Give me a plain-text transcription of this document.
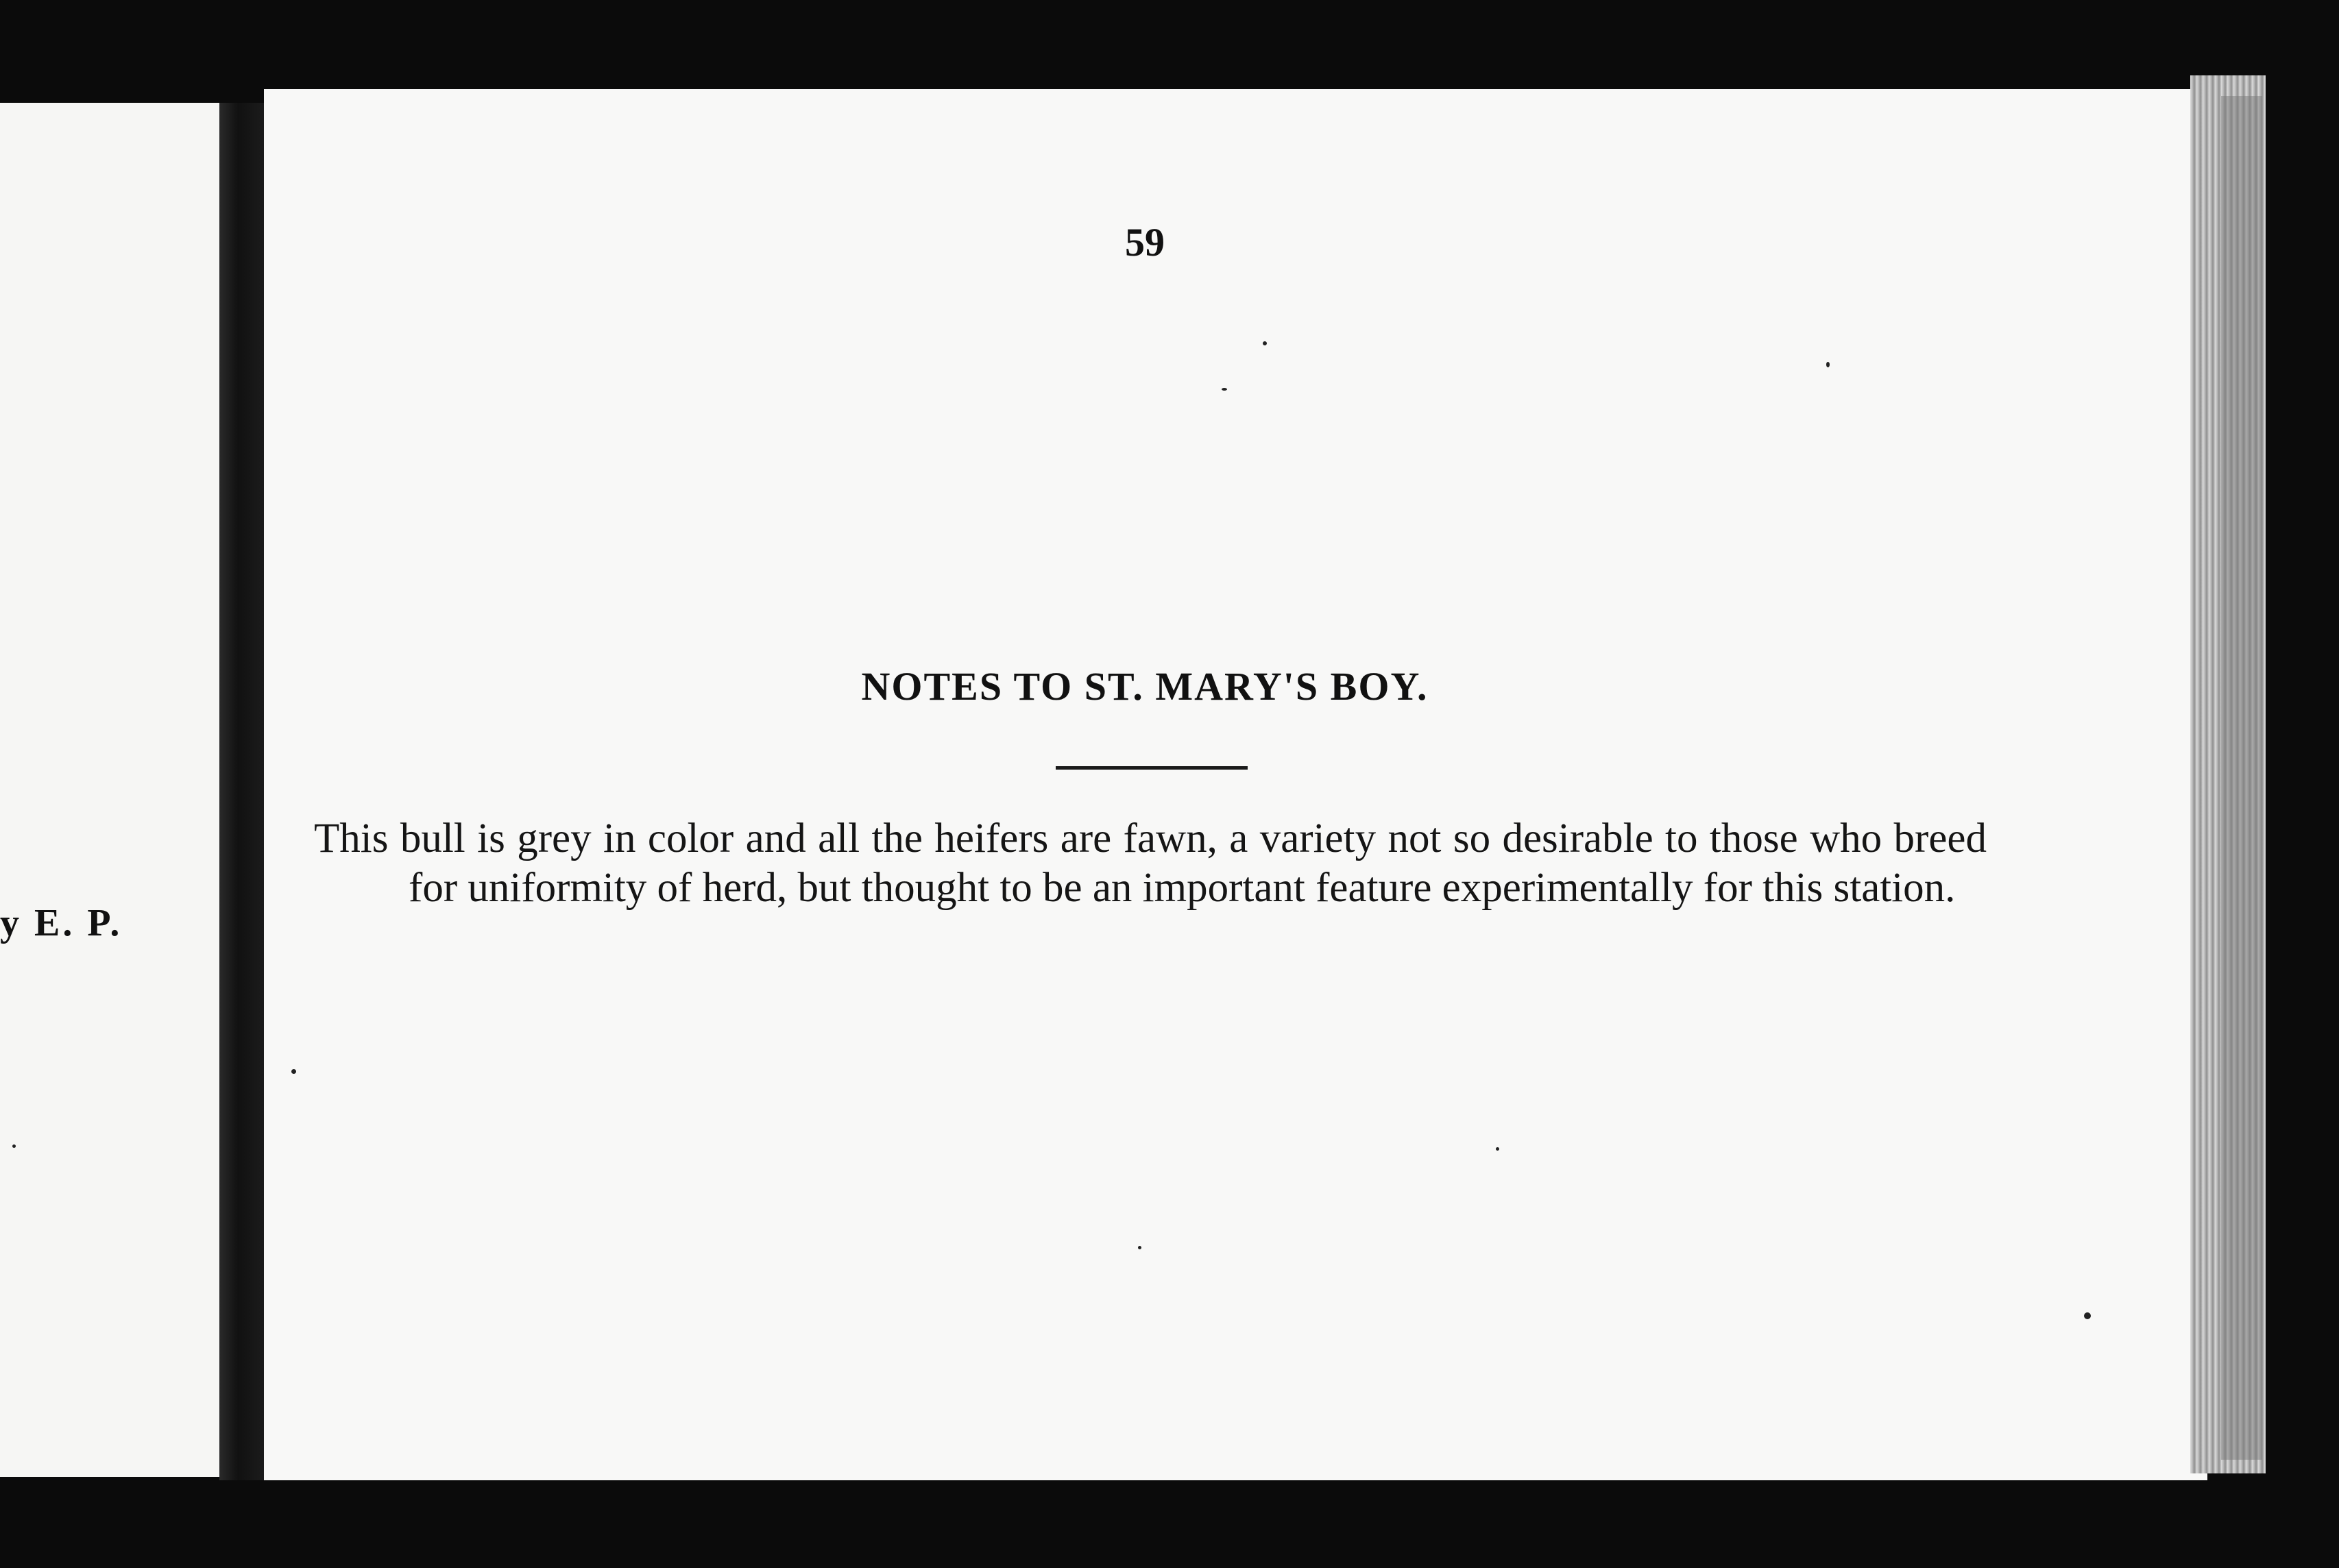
y E. P.
59
NOTES TO ST. MARY'S BOY.
This bull is grey in color and all the heifers are fawn, a variety not so desirable to those who breed for uniformity of herd, but thought to be an important feature experimentally for this station.
